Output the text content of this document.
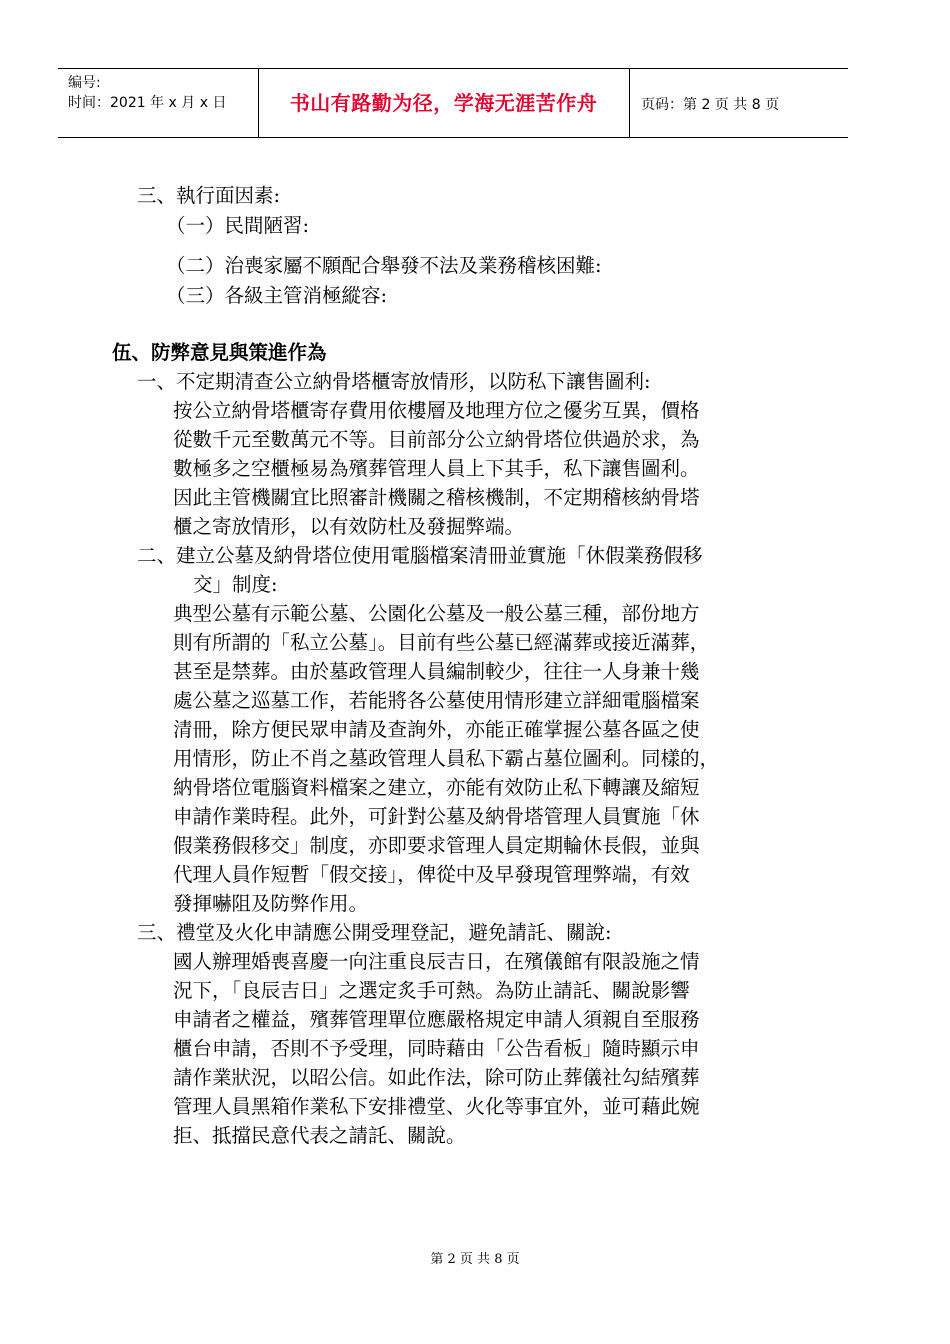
编号:
时间：2021 年 x 月 x 日	书山有路勤为径，学海无涯苦作舟	页码：第 2 页 共 8 页
三、執行面因素:
（一）民間陋習:
（二）治喪家屬不願配合舉發不法及業務稽核困難:
（三）各級主管消極縱容:
伍、防弊意見與策進作為
一、不定期清查公立納骨塔櫃寄放情形，以防私下讓售圖利:
按公立納骨塔櫃寄存費用依樓層及地理方位之優劣互異，價格
從數千元至數萬元不等。目前部分公立納骨塔位供過於求，為
數極多之空櫃極易為殯葬管理人員上下其手，私下讓售圖利。
因此主管機關宜比照審計機關之稽核機制，不定期稽核納骨塔
櫃之寄放情形，以有效防杜及發掘弊端。
二、建立公墓及納骨塔位使用電腦檔案清冊並實施「休假業務假移
交」制度:
典型公墓有示範公墓、公園化公墓及一般公墓三種，部份地方
則有所謂的「私立公墓」。目前有些公墓已經滿葬或接近滿葬，
甚至是禁葬。由於墓政管理人員編制較少，往往一人身兼十幾
處公墓之巡墓工作，若能將各公墓使用情形建立詳細電腦檔案
清冊，除方便民眾申請及查詢外，亦能正確掌握公墓各區之使
用情形，防止不肖之墓政管理人員私下霸占墓位圖利。同樣的，
納骨塔位電腦資料檔案之建立，亦能有效防止私下轉讓及縮短
申請作業時程。此外，可針對公墓及納骨塔管理人員實施「休
假業務假移交」制度，亦即要求管理人員定期輪休長假，並與
代理人員作短暫「假交接」，俾從中及早發現管理弊端，有效
發揮嚇阻及防弊作用。
三、禮堂及火化申請應公開受理登記，避免請託、關說:
國人辦理婚喪喜慶一向注重良辰吉日，在殯儀館有限設施之情
況下，「良辰吉日」之選定炙手可熱。為防止請託、關說影響
申請者之權益，殯葬管理單位應嚴格規定申請人須親自至服務
櫃台申請，否則不予受理，同時藉由「公告看板」隨時顯示申
請作業狀況，以昭公信。如此作法，除可防止葬儀社勾結殯葬
管理人員黑箱作業私下安排禮堂、火化等事宜外，並可藉此婉
拒、抵擋民意代表之請託、關說。
第 2 页 共 8 页
